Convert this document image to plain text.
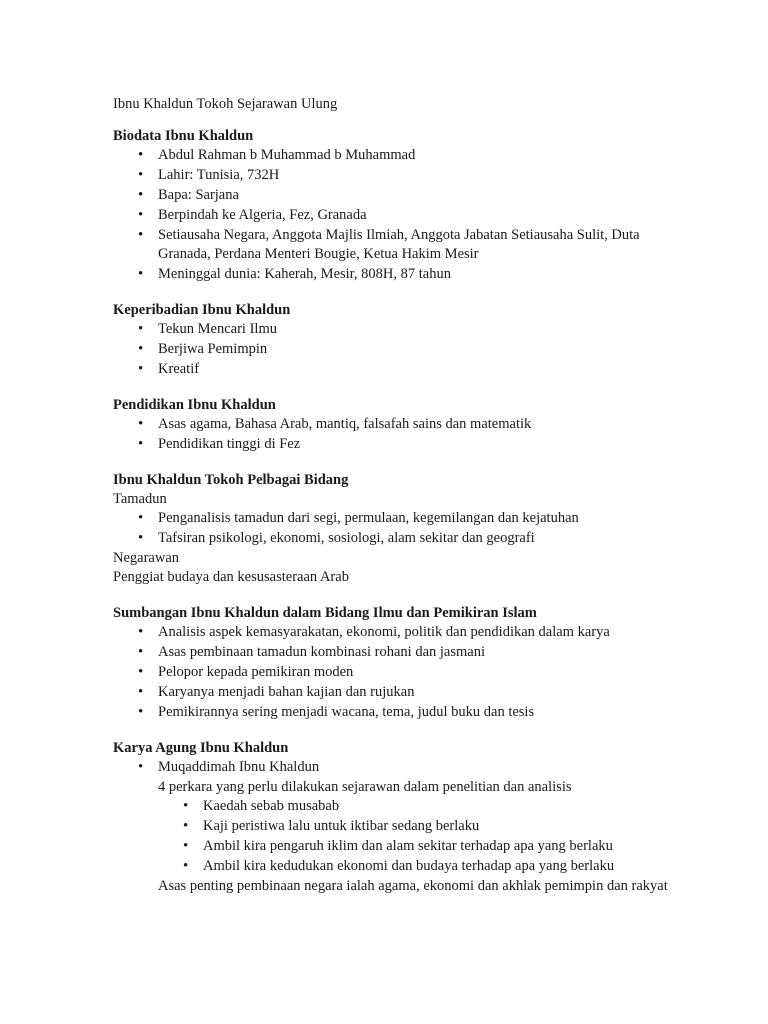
Ibnu Khaldun Tokoh Sejarawan Ulung
Biodata Ibnu Khaldun
• Abdul Rahman b Muhammad b Muhammad
• Lahir: Tunisia, 732H
• Bapa: Sarjana
• Berpindah ke Algeria, Fez, Granada
• Setiausaha Negara, Anggota Majlis Ilmiah, Anggota Jabatan Setiausaha Sulit, Duta Granada, Perdana Menteri Bougie, Ketua Hakim Mesir
• Meninggal dunia: Kaherah, Mesir, 808H, 87 tahun
Keperibadian Ibnu Khaldun
• Tekun Mencari Ilmu
• Berjiwa Pemimpin
• Kreatif
Pendidikan Ibnu Khaldun
• Asas agama, Bahasa Arab, mantiq, falsafah sains dan matematik
• Pendidikan tinggi di Fez
Ibnu Khaldun Tokoh Pelbagai Bidang
Tamadun
• Penganalisis tamadun dari segi, permulaan, kegemilangan dan kejatuhan
• Tafsiran psikologi, ekonomi, sosiologi, alam sekitar dan geografi
Negarawan
Penggiat budaya dan kesusasteraan Arab
Sumbangan Ibnu Khaldun dalam Bidang Ilmu dan Pemikiran Islam
• Analisis aspek kemasyarakatan, ekonomi, politik dan pendidikan dalam karya
• Asas pembinaan tamadun kombinasi rohani dan jasmani
• Pelopor kepada pemikiran moden
• Karyanya menjadi bahan kajian dan rujukan
• Pemikirannya sering menjadi wacana, tema, judul buku dan tesis
Karya Agung Ibnu Khaldun
• Muqaddimah Ibnu Khaldun
4 perkara yang perlu dilakukan sejarawan dalam penelitian dan analisis
• Kaedah sebab musabab
• Kaji peristiwa lalu untuk iktibar sedang berlaku
• Ambil kira pengaruh iklim dan alam sekitar terhadap apa yang berlaku
• Ambil kira kedudukan ekonomi dan budaya terhadap apa yang berlaku
Asas penting pembinaan negara ialah agama, ekonomi dan akhlak pemimpin dan rakyat
